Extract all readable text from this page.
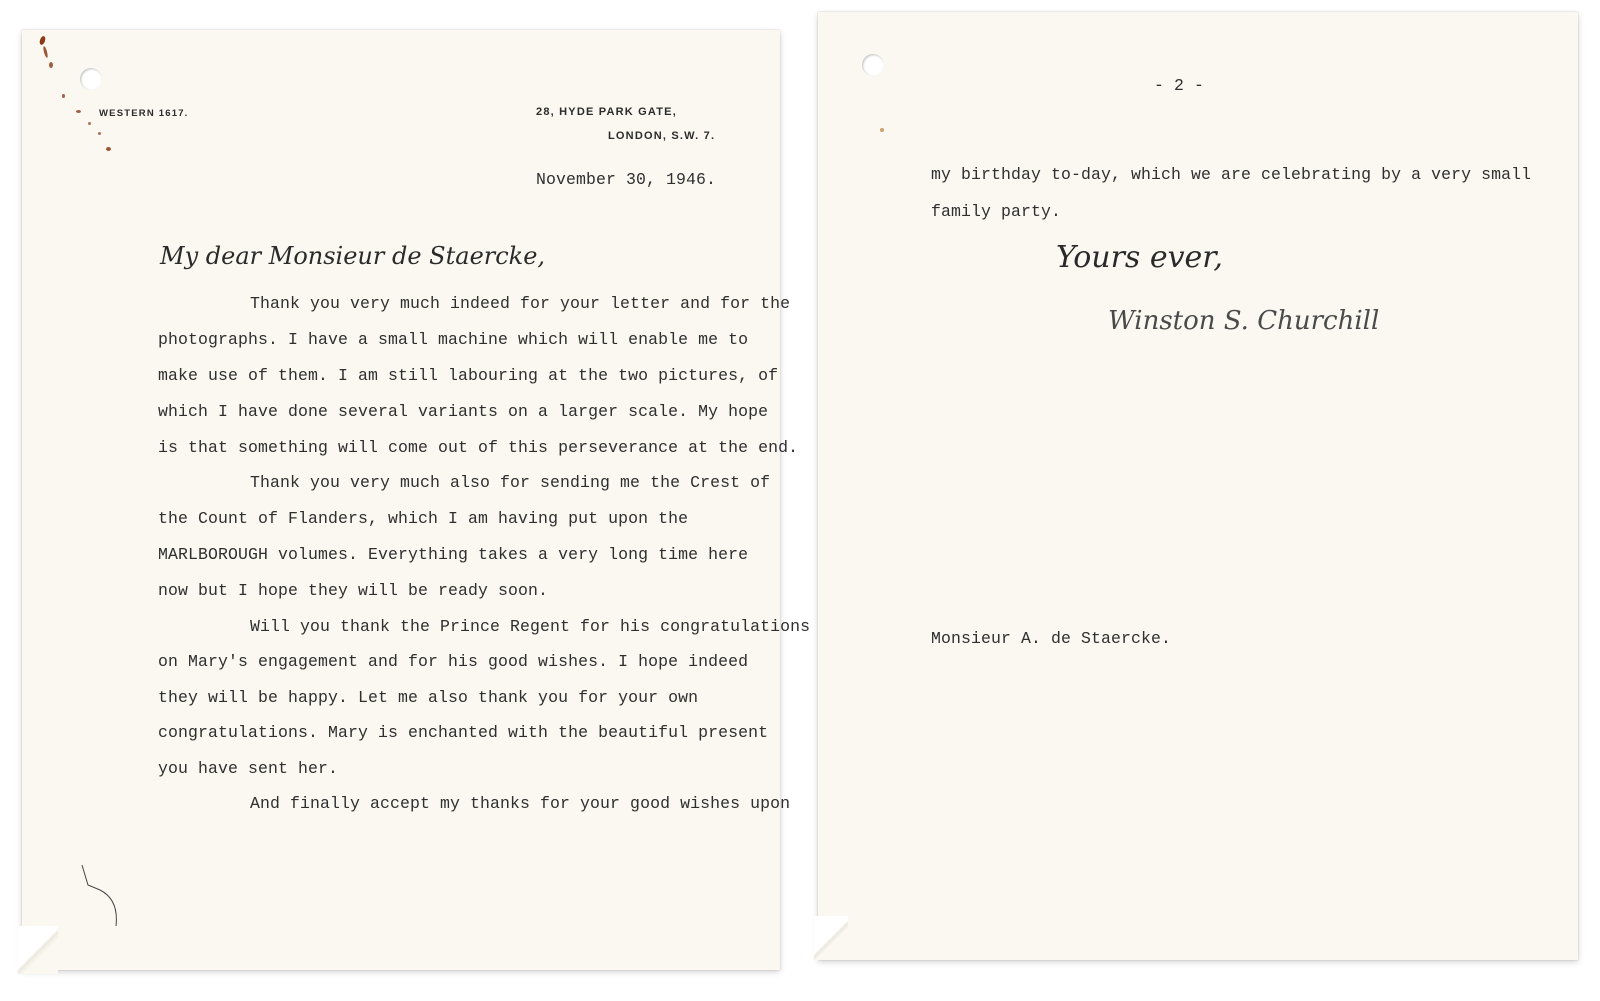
WESTERN 1617.	28, HYDE PARK GATE,
LONDON, S.W. 7.
November 30, 1946.
My dear Monsieur de Staercke,
Thank you very much indeed for your letter and for the
photographs. I have a small machine which will enable me to
make use of them. I am still labouring at the two pictures, of
which I have done several variants on a larger scale. My hope
is that something will come out of this perseverance at the end.
Thank you very much also for sending me the Crest of
the Count of Flanders, which I am having put upon the
MARLBOROUGH volumes. Everything takes a very long time here
now but I hope they will be ready soon.
Will you thank the Prince Regent for his congratulations
on Mary's engagement and for his good wishes. I hope indeed
they will be happy. Let me also thank you for your own
congratulations. Mary is enchanted with the beautiful present
you have sent her.
And finally accept my thanks for your good wishes upon
- 2 -
my birthday to-day, which we are celebrating by a very small
family party.
Yours ever,
Winston S. Churchill
Monsieur A. de Staercke.
